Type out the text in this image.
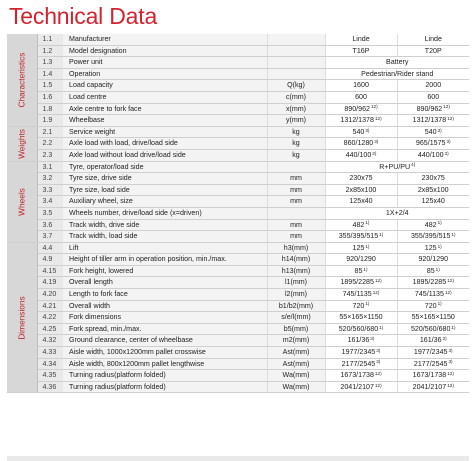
Technical Data
Characteristics	1.1	Manufacturer		Linde	Linde
	1.2	Model designation		T16P	T20P
	1.3	Power unit		Battery	
	1.4	Operation		Pedestrian/Rider stand	
	1.5	Load capacity	Q(kg)	1600	2000
	1.6	Load centre	c(mm)	600	600
	1.8	Axle centre to fork face	x(mm)	890/962$^{12)}$	890/962$^{12)}$
	1.9	Wheelbase	y(mm)	1312/1378$^{12)}$	1312/1378$^{12)}$

Weights	2.1	Service weight	kg	540$^{3)}$	540$^{3)}$
	2.2	Axle load with load, drive/load side	kg	860/1280$^{3)}$	965/1575$^{3)}$
	2.3	Axle load without load drive/load side	kg	440/100$^{3)}$	440/100$^{3)}$

Wheels	3.1	Tyre, operator/load side		$R+PU/PU^{4)}$
	3.2	Tyre size, drive side	mm	230x75	230x75
	3.3	Tyre size, load side	mm	2x85x100	2x85x100
	3.4	Auxiliary wheel, size	mm	125x40	125x40
	3.5	Wheels number, drive/load side (x=driven)		1X+2/4	
	3.6	Track width, drive side	mm	482$^{1)}$	482$^{1)}$
	3.7	Track width, load side	mm	355/395/515$^{1)}$	355/395/515$^{1)}$

Dimensions	4.4	Lift	h3(mm)	125$^{1)}$	125$^{1)}$
	4.9	Height of tiller arm in operation position, min./max.	h14(mm)	920/1290	920/1290
	4.15	Fork height, lowered	h13(mm)	85$^{1)}$	85$^{1)}$
	4.19	Overall length	l1(mm)	1895/2285$^{12)}$	1895/2285$^{12)}$
	4.20	Length to fork face	l2(mm)	745/1135$^{12)}$	745/1135$^{12)}$
	4.21	Overall width	b1/b2(mm)	720$^{1)}$	720$^{1)}$
	4.22	Fork dimensions	s/e/l(mm)	55×165×1150	55×165×1150
	4.25	Fork spread, min./max.	b5(mm)	520/560/680$^{1)}$	520/560/680$^{1)}$
	4.32	Ground clearance, center of wheelbase	m2(mm)	161/36$^{3)}$	161/36$^{3)}$
	4.33	Aisle width, 1000x1200mm pallet crosswise	Ast(mm)	1977/2345$^{3)}$	1977/2345$^{3)}$
	4.34	Aisle width, 800x1200mm pallet lengthwise	Ast(mm)	2177/2545$^{3)}$	2177/2545$^{3)}$
	4.35	Turning radius(platform folded)	Wa(mm)	1673/1738$^{12)}$	1673/1738$^{12)}$
	4.36	Turning radius(platform folded)	Wa(mm)	2041/2107$^{12)}$	2041/2107$^{12)}$
